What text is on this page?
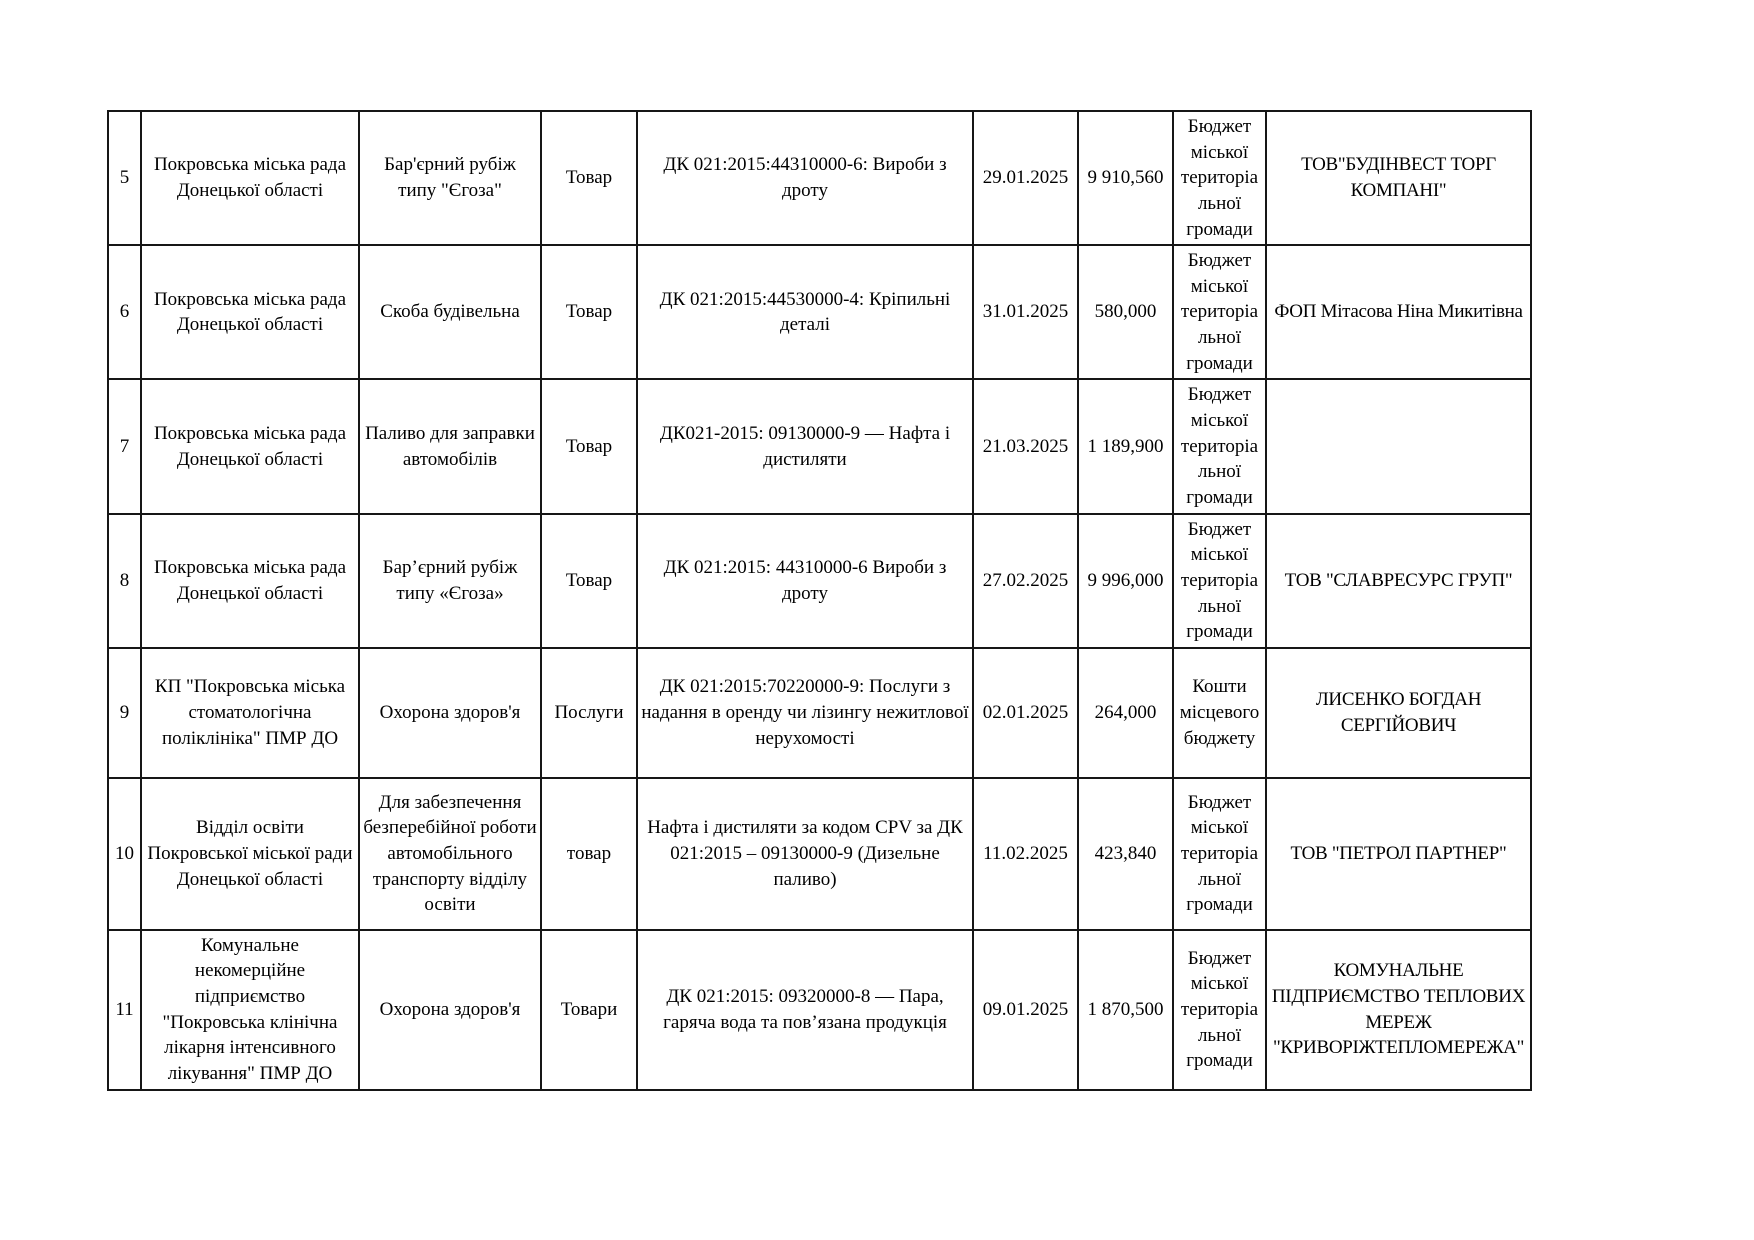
5	Покровська міська рада Донецької області	Бар'єрний рубіж типу "Єгоза"	Товар	ДК 021:2015:44310000-6: Вироби з дроту	29.01.2025	9 910,560	Бюджет міської територіальної громади	ТОВ"БУДІНВЕСТ ТОРГ КОМПАНІ"
6	Покровська міська рада Донецької області	Скоба будівельна	Товар	ДК 021:2015:44530000-4: Кріпильні деталі	31.01.2025	580,000	Бюджет міської територіальної громади	ФОП Мітасова Ніна Микитівна
7	Покровська міська рада Донецької області	Паливо для заправки автомобілів	Товар	ДК021-2015: 09130000-9 — Нафта і дистиляти	21.03.2025	1 189,900	Бюджет міської територіальної громади	
8	Покровська міська рада Донецької області	Бар’єрний рубіж типу «Єгоза»	Товар	ДК 021:2015: 44310000-6 Вироби з дроту	27.02.2025	9 996,000	Бюджет міської територіальної громади	ТОВ "СЛАВРЕСУРС ГРУП"
9	КП "Покровська міська стоматологічна поліклініка" ПМР ДО	Охорона здоров'я	Послуги	ДК 021:2015:70220000-9: Послуги з надання в оренду чи лізингу нежитлової нерухомості	02.01.2025	264,000	Кошти місцевого бюджету	ЛИСЕНКО БОГДАН СЕРГІЙОВИЧ
10	Відділ освіти Покровської міської ради Донецької області	Для забезпечення безперебійної роботи автомобільного транспорту відділу освіти	товар	Нафта і дистиляти за кодом CPV за ДК 021:2015 – 09130000-9 (Дизельне паливо)	11.02.2025	423,840	Бюджет міської територіальної громади	ТОВ "ПЕТРОЛ ПАРТНЕР"
11	Комунальне некомерційне підприємство "Покровська клінічна лікарня інтенсивного лікування" ПМР ДО	Охорона здоров'я	Товари	ДК 021:2015: 09320000-8 — Пара, гаряча вода та пов’язана продукція	09.01.2025	1 870,500	Бюджет міської територіальної громади	КОМУНАЛЬНЕ ПІДПРИЄМСТВО ТЕПЛОВИХ МЕРЕЖ "КРИВОРІЖТЕПЛОМЕРЕЖА"
